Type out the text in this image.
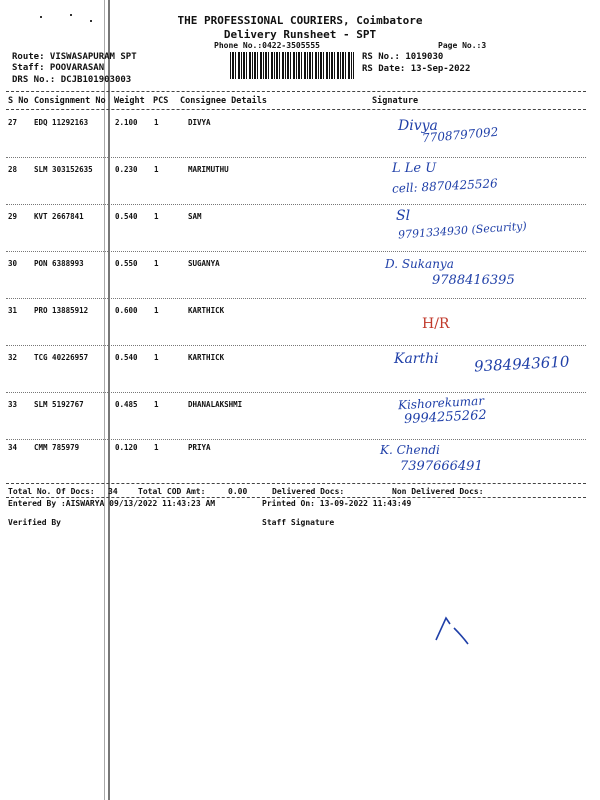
THE PROFESSIONAL COURIERS, Coimbatore
Delivery Runsheet - SPT
Phone No.:0422-3505555	Page No.:3
Route: VISWASAPURAM SPT
Staff: POOVARASAN
DRS No.: DCJB101903003
RS No.: 1019030
RS Date: 13-Sep-2022
S No Consignment No Weight PCS Consignee Details	Signature
27 EDQ 11292163	2.100 1	DIVYA	Divya
7708797092
28 SLM 303152635	0.230 1	MARIMUTHU	L Le U
cell: 8870425526
29 KVT 2667841	0.540 1	SAM	Sl
9791334930 (Security)
30 PON 6388993	0.550 1	SUGANYA	D. Sukanya
9788416395
31 PRO 13885912	0.600 1	KARTHICK
H/R
32 TCG 40226957	0.540 1	KARTHICK	Karthi 9384943610
33 SLM 5192767	0.485 1	DHANALAKSHMI	Kishorekumar
9994255262
34 CMM 785979	0.120 1	PRIYA	K. Chendi
7397666491
Total No. Of Docs: 34	Total COD Amt:	0.00	Delivered Docs:	Non Delivered Docs:
Entered By :AISWARYA 09/13/2022 11:43:23 AM	Printed On: 13-09-2022 11:43:49
Verified By	Staff Signature
